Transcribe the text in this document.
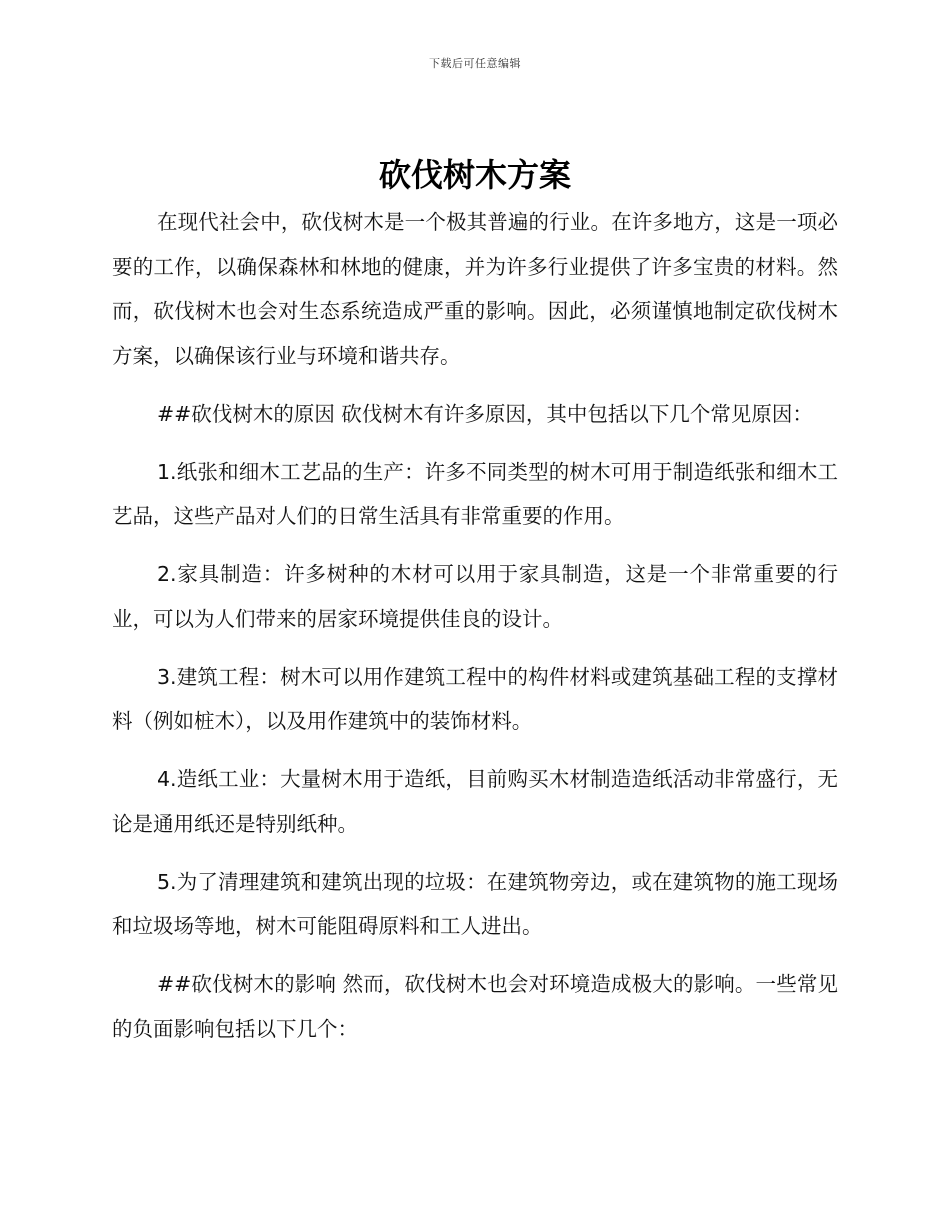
下载后可任意编辑
砍伐树木方案

在现代社会中，砍伐树木是一个极其普遍的行业。在许多地方，这是一项必要的工作，以确保森林和林地的健康，并为许多行业提供了许多宝贵的材料。然而，砍伐树木也会对生态系统造成严重的影响。因此，必须谨慎地制定砍伐树木方案，以确保该行业与环境和谐共存。

##砍伐树木的原因 砍伐树木有许多原因，其中包括以下几个常见原因：

1.纸张和细木工艺品的生产：许多不同类型的树木可用于制造纸张和细木工艺品，这些产品对人们的日常生活具有非常重要的作用。

2.家具制造：许多树种的木材可以用于家具制造，这是一个非常重要的行业，可以为人们带来的居家环境提供佳良的设计。

3.建筑工程：树木可以用作建筑工程中的构件材料或建筑基础工程的支撑材料（例如桩木），以及用作建筑中的装饰材料。

4.造纸工业：大量树木用于造纸，目前购买木材制造造纸活动非常盛行，无论是通用纸还是特别纸种。

5.为了清理建筑和建筑出现的垃圾：在建筑物旁边，或在建筑物的施工现场和垃圾场等地，树木可能阻碍原料和工人进出。

##砍伐树木的影响 然而，砍伐树木也会对环境造成极大的影响。一些常见的负面影响包括以下几个：
